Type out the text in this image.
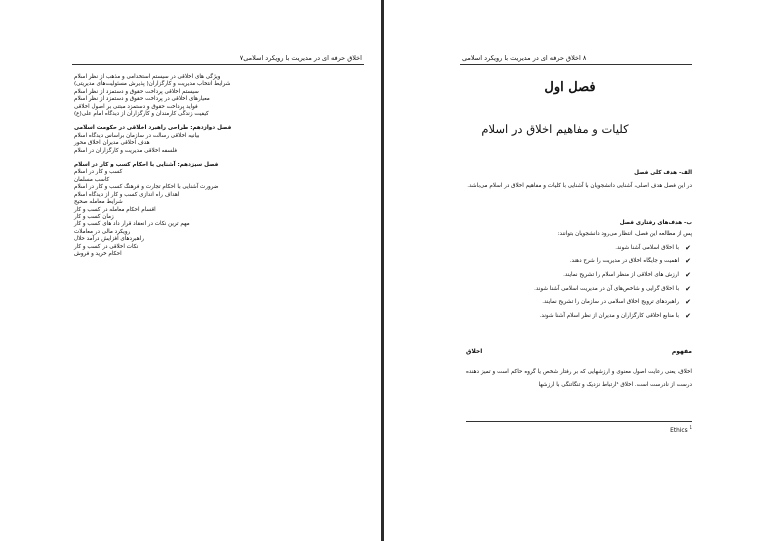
اخلاق حرفه ای در مدیریت با رویکرد اسلامی۷
ویژگی های اخلاقی در سیستم استخدامی و مذهب از نظر اسلام
شرایط انتخاب مدیریت و کارگزاران( پذیرش مسئولیت‌های مدیریتی)
سیستم اخلاقی پرداخت حقوق و دستمزد از نظر اسلام
معیارهای اخلاقی در پرداخت حقوق و دستمزد از نظر اسلام
فواید پرداخت حقوق و دستمزد مبتنی بر اصول اخلاقی
کیفیت زندگی کارمندان و کارگزاران از دیدگاه امام علی(ع)
فصل دوازدهم: طراحی راهبرد اخلاقی در حکومت اسلامی
بیانیه اخلاقی رسالت در سازمان براساس دیدگاه اسلام
هدف اخلاقی مدیران اخلاق محور
فلسفه اخلاقی مدیریت و کارگزاران در اسلام
فصل سیزدهم: آشنایی با احکام کسب و کار در اسلام
کسب و کار در اسلام
کاسب مسلمان
ضرورت آشنایی با احکام تجارت و فرهنگ کسب و کار در اسلام
اهداف راه اندازی کسب و کار از دیدگاه اسلام
شرایط معامله صحیح
اقسام احکام معامله در کسب و کار
زمان کسب و کار
مهم ترین نکات در انعقاد قرار داد های کسب و کار
رویکرد مالی در معاملات
راهبردهای افزایش درآمد حلال
نکات اخلاقی در کسب و کار
احکام خرید و فروش
۸ اخلاق حرفه ای در مدیریت با رویکرد اسلامی
فصل اول
کلیات و مفاهیم اخلاق در اسلام
الف- هدف کلی فصل
در این فصل هدف اصلی، آشنایی دانشجویان با آشنایی با کلیات و مفاهیم اخلاق در اسلام می‌باشد.
ب- هدف‌های رفتاری فصل
پس از مطالعه این فصل، انتظار می‌رود دانشجویان بتوانند:
✔
با اخلاق اسلامی آشنا شوند.
✔
اهمیت و جایگاه اخلاق در مدیریت را شرح دهند.
✔
ارزش های اخلاقی از منظر اسلام را تشریح نمایند.
✔
با اخلاق گرایی و شاخص‌های آن در مدیریت اسلامی آشنا شوند.
✔
راهبردهای ترویج اخلاق اسلامی در سازمان را تشریح نمایند.
✔
با منابع اخلاقی کارگزاران و مدیران از نظر اسلام آشنا شوند.
مفهوم
اخلاق
اخلاق، یعنی رعایت اصول معنوی و ارزشهایی که بر رفتار شخص یا گروه حاکم است و تمیز دهنده درست از نادرست است. اخلاق ¹ارتباط نزدیک و تنگاتنگی با ارزشها
Ethics $^1$
